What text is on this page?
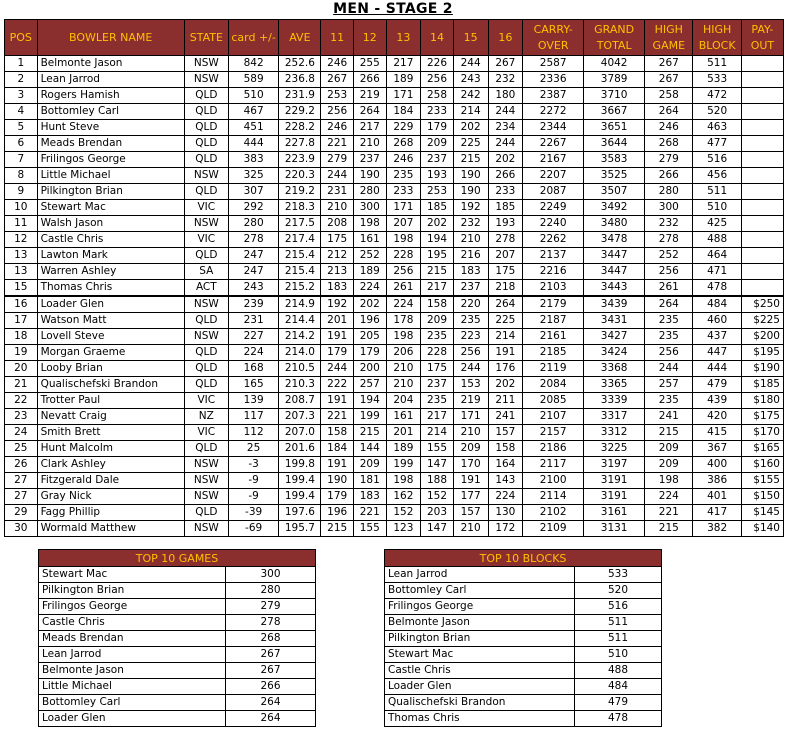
MEN - STAGE 2
POS	BOWLER NAME	STATE	card +/-	AVE	11	12	13	14	15	16	CARRY-OVER	GRAND TOTAL	HIGH GAME	HIGH BLOCK	PAY-OUT
1	Belmonte Jason	NSW	842	252.6	246	255	217	226	244	267	2587	4042	267	511	
2	Lean Jarrod	NSW	589	236.8	267	266	189	256	243	232	2336	3789	267	533	
3	Rogers Hamish	QLD	510	231.9	253	219	171	258	242	180	2387	3710	258	472	
4	Bottomley Carl	QLD	467	229.2	256	264	184	233	214	244	2272	3667	264	520	
5	Hunt Steve	QLD	451	228.2	246	217	229	179	202	234	2344	3651	246	463	
6	Meads Brendan	QLD	444	227.8	221	210	268	209	225	244	2267	3644	268	477	
7	Frilingos George	QLD	383	223.9	279	237	246	237	215	202	2167	3583	279	516	
8	Little Michael	NSW	325	220.3	244	190	235	193	190	266	2207	3525	266	456	
9	Pilkington Brian	QLD	307	219.2	231	280	233	253	190	233	2087	3507	280	511	
10	Stewart Mac	VIC	292	218.3	210	300	171	185	192	185	2249	3492	300	510	
11	Walsh Jason	NSW	280	217.5	208	198	207	202	232	193	2240	3480	232	425	
12	Castle Chris	VIC	278	217.4	175	161	198	194	210	278	2262	3478	278	488	
13	Lawton Mark	QLD	247	215.4	212	252	228	195	216	207	2137	3447	252	464	
13	Warren Ashley	SA	247	215.4	213	189	256	215	183	175	2216	3447	256	471	
15	Thomas Chris	ACT	243	215.2	183	224	261	217	237	218	2103	3443	261	478	
16	Loader Glen	NSW	239	214.9	192	202	224	158	220	264	2179	3439	264	484	$250
17	Watson Matt	QLD	231	214.4	201	196	178	209	235	225	2187	3431	235	460	$225
18	Lovell Steve	NSW	227	214.2	191	205	198	235	223	214	2161	3427	235	437	$200
19	Morgan Graeme	QLD	224	214.0	179	179	206	228	256	191	2185	3424	256	447	$195
20	Looby Brian	QLD	168	210.5	244	200	210	175	244	176	2119	3368	244	444	$190
21	Qualischefski Brandon	QLD	165	210.3	222	257	210	237	153	202	2084	3365	257	479	$185
22	Trotter Paul	VIC	139	208.7	191	194	204	235	219	211	2085	3339	235	439	$180
23	Nevatt Craig	NZ	117	207.3	221	199	161	217	171	241	2107	3317	241	420	$175
24	Smith Brett	VIC	112	207.0	158	215	201	214	210	157	2157	3312	215	415	$170
25	Hunt Malcolm	QLD	25	201.6	184	144	189	155	209	158	2186	3225	209	367	$165
26	Clark Ashley	NSW	-3	199.8	191	209	199	147	170	164	2117	3197	209	400	$160
27	Fitzgerald Dale	NSW	-9	199.4	190	181	198	188	191	143	2100	3191	198	386	$155
27	Gray Nick	NSW	-9	199.4	179	183	162	152	177	224	2114	3191	224	401	$150
29	Fagg Phillip	QLD	-39	197.6	196	221	152	203	157	130	2102	3161	221	417	$145
30	Wormald Matthew	NSW	-69	195.7	215	155	123	147	210	172	2109	3131	215	382	$140
TOP 10 GAMES	
Stewart Mac	300
Pilkington Brian	280
Frilingos George	279
Castle Chris	278
Meads Brendan	268
Lean Jarrod	267
Belmonte Jason	267
Little Michael	266
Bottomley Carl	264
Loader Glen	264
TOP 10 BLOCKS	
Lean Jarrod	533
Bottomley Carl	520
Frilingos George	516
Belmonte Jason	511
Pilkington Brian	511
Stewart Mac	510
Castle Chris	488
Loader Glen	484
Qualischefski Brandon	479
Thomas Chris	478
